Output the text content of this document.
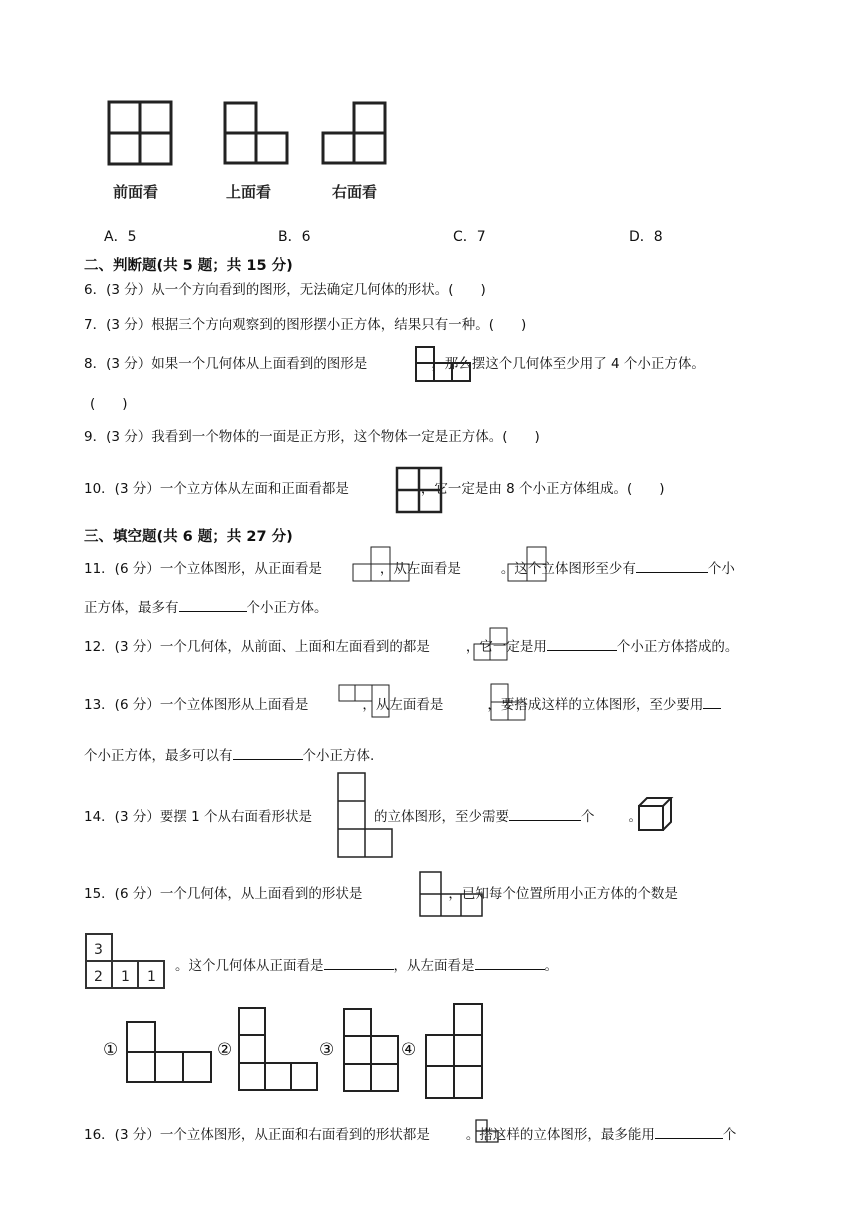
前面看	上面看	右面看
A．5	B．6	C．7	D．8
二、判断题(共 5 题；共 15 分)
6．(3 分）从一个方向看到的图形，无法确定几何体的形状。(　　)
7．(3 分）根据三个方向观察到的图形摆小正方体，结果只有一种。(　　)
8．(3 分）如果一个几何体从上面看到的图形是	，那么摆这个几何体至少用了 4 个小正方体。
(　　)
9．(3 分）我看到一个物体的一面是正方形，这个物体一定是正方体。(　　)
10．(3 分）一个立方体从左面和正面看都是	，它一定是由 8 个小正方体组成。(　　)
三、填空题(共 6 题；共 27 分)
11．(6 分）一个立体图形，从正面看是	，从左面看是	。这个立体图形至少有	个小
正方体，最多有	个小正方体。
12．(3 分）一个几何体，从前面、上面和左面看到的都是	，它一定是用	个小正方体搭成的。
13．(6 分）一个立体图形从上面看是	，从左面看是	，要搭成这样的立体图形，至少要用
个小正方体，最多可以有	个小正方体.
14．(3 分）要摆 1 个从右面看形状是	的立体图形，至少需要	个	。
15．(6 分）一个几何体，从上面看到的形状是	，已知每个位置所用小正方体的个数是
3
2 1 1
。这个几何体从正面看是	，从左面看是	。
①	②	③	④
16．(3 分）一个立体图形，从正面和右面看到的形状都是	。搭这样的立体图形，最多能用	个
